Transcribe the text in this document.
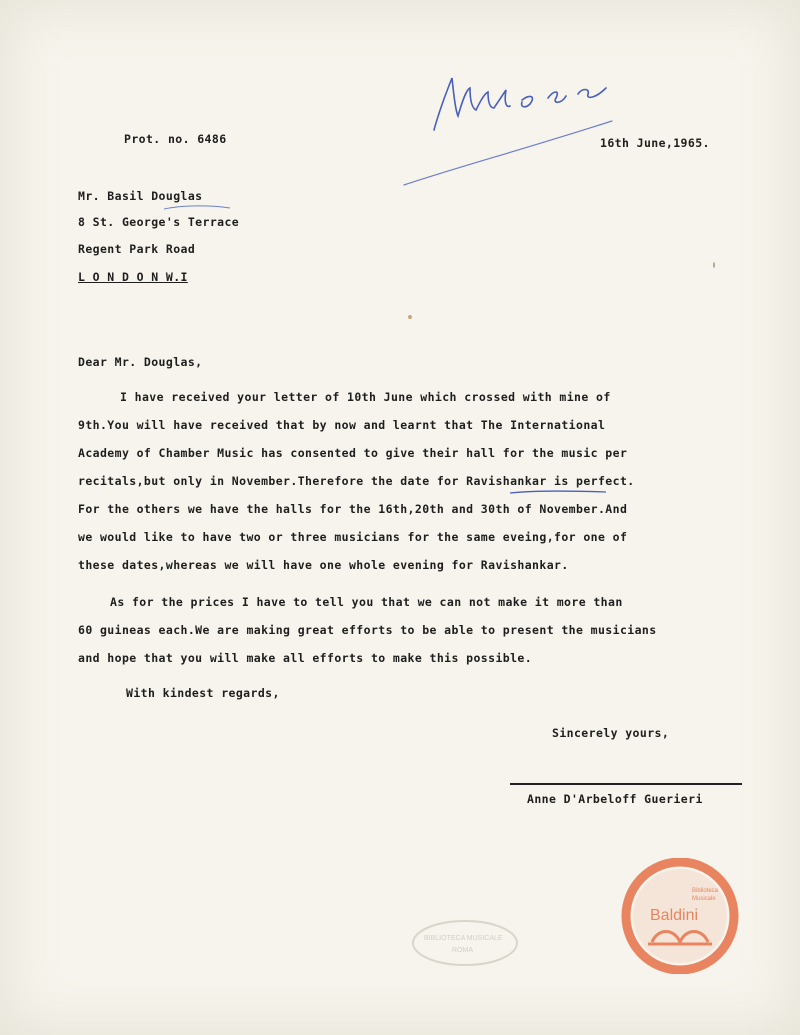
Musica
Prot. no. 6486	16th June,1965.
Mr. Basil Douglas
8 St. George's Terrace
Regent Park Road
L O N D O N W.I
Dear Mr. Douglas,
I have received your letter of 10th June which crossed with mine of
9th.You will have received that by now and learnt that The International
Academy of Chamber Music has consented to give their hall for the music per
recitals,but only in November.Therefore the date for Ravishankar is perfect.
For the others we have the halls for the 16th,20th and 30th of November.And
we would like to have two or three musicians for the same eveing,for one of
these dates,whereas we will have one whole evening for Ravishankar.
As for the prices I have to tell you that we can not make it more than
60 guineas each.We are making great efforts to be able to present the musicians
and hope that you will make all efforts to make this possible.
With kindest regards,
Sincerely yours,
Anne D'Arbeloff Guerieri
Biblioteca
Musicale
Baldini
BIBLIOTECA MUSICALE
ROMA
